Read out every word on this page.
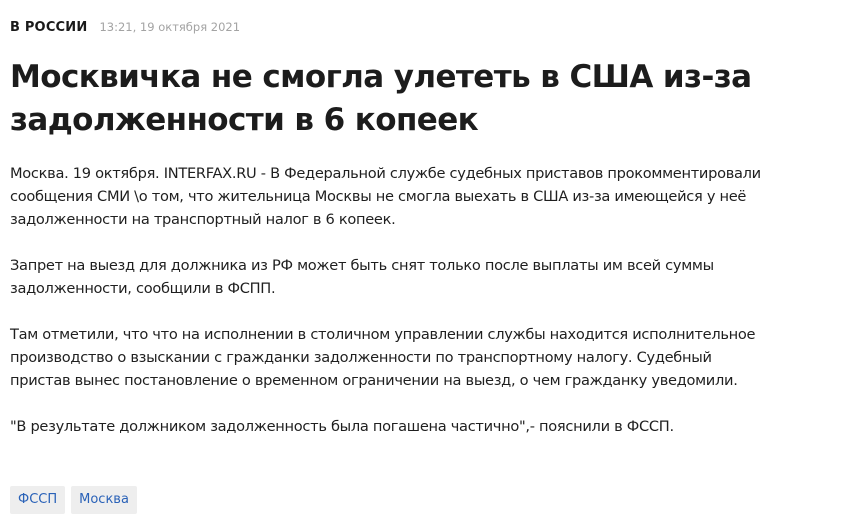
В РОССИИ 13:21, 19 октября 2021
Москвичка не смогла улететь в США из-за задолженности в 6 копеек

Москва. 19 октября. INTERFAX.RU - В Федеральной службе судебных приставов прокомментировали сообщения СМИ \о том, что жительница Москвы не смогла выехать в США из-за имеющейся у неё задолженности на транспортный налог в 6 копеек.

Запрет на выезд для должника из РФ может быть снят только после выплаты им всей суммы задолженности, сообщили в ФСПП.

Там отметили, что что на исполнении в столичном управлении службы находится исполнительное производство о взыскании с гражданки задолженности по транспортному налогу. Судебный пристав вынес постановление о временном ограничении на выезд, о чем гражданку уведомили.

"В результате должником задолженность была погашена частично",- пояснили в ФССП.

ФССП	Москва
